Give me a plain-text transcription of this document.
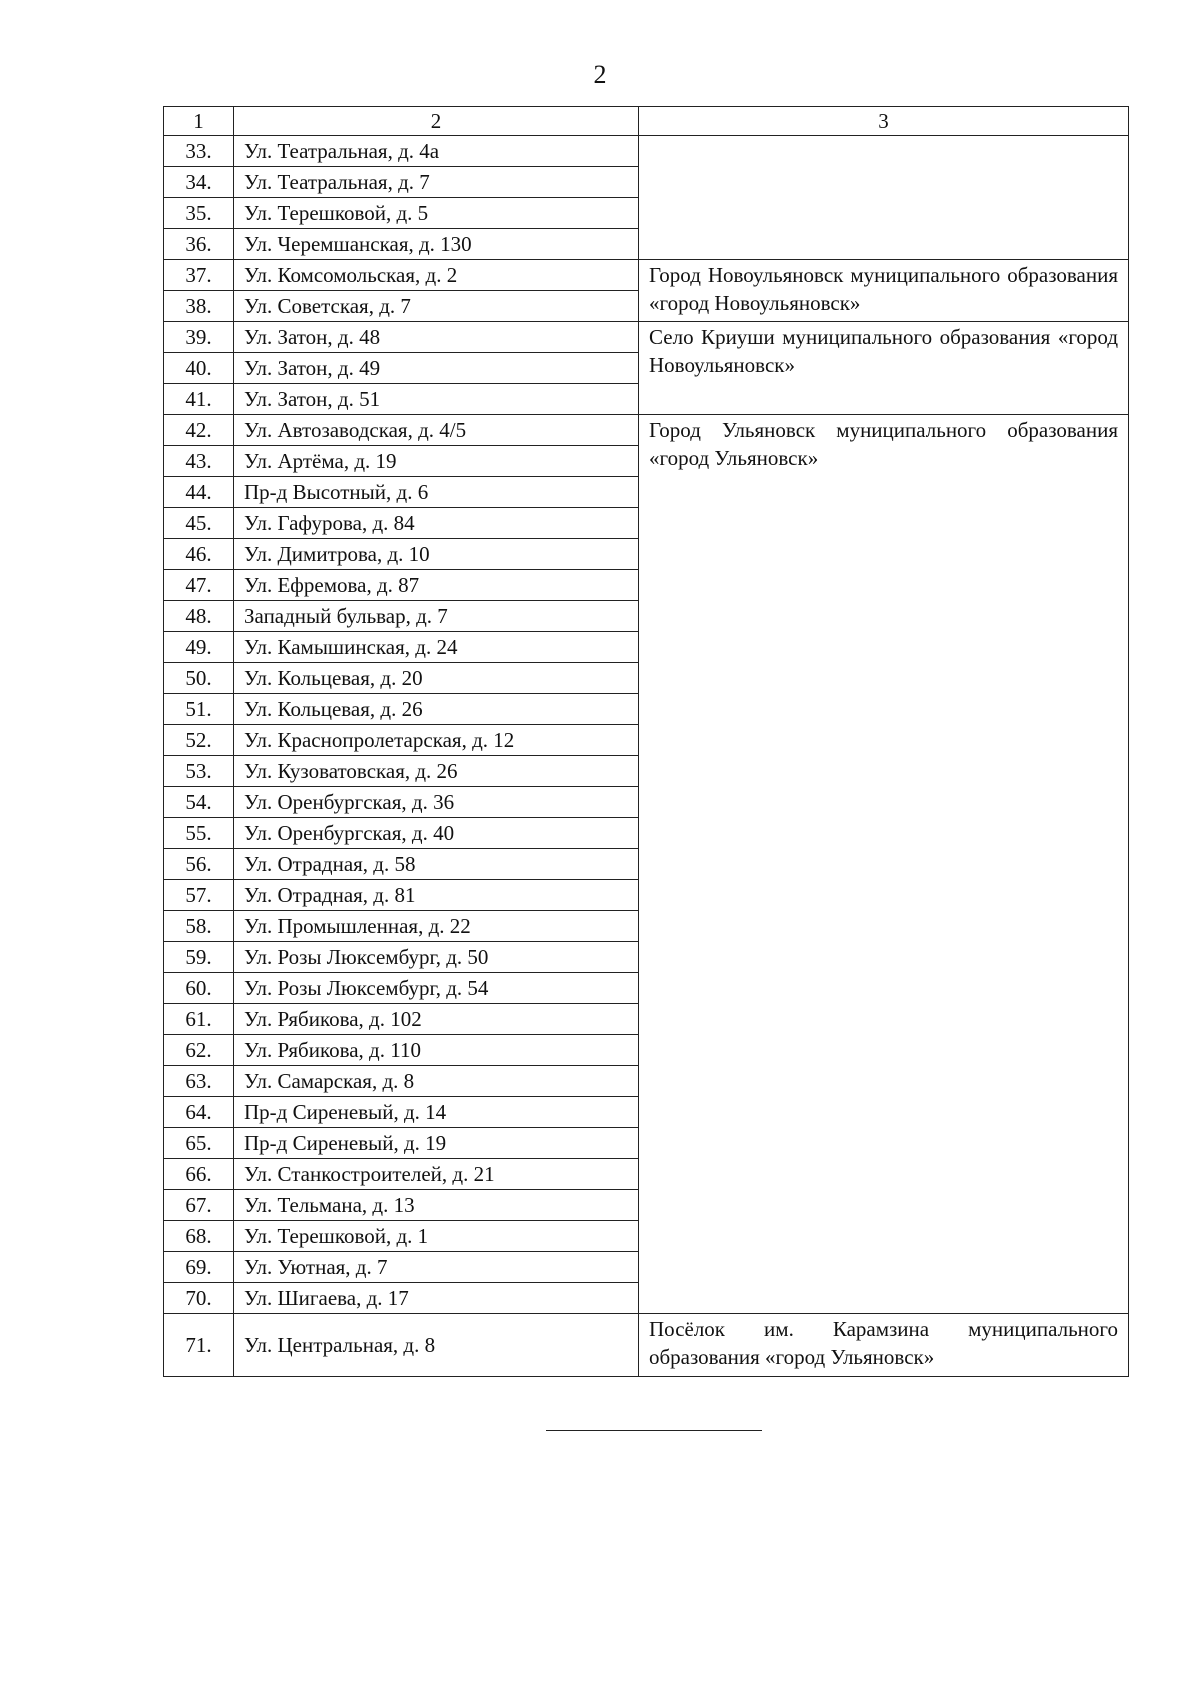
2
1	2	3
33.	Ул. Театральная, д. 4а	
34.	Ул. Театральная, д. 7	
35.	Ул. Терешковой, д. 5	
36.	Ул. Черемшанская, д. 130	
37.	Ул. Комсомольская, д. 2	Город Новоульяновск муниципального образования «город Новоульяновск»
38.	Ул. Советская, д. 7	
39.	Ул. Затон, д. 48	Село Криуши муниципального образования «город Новоульяновск»
40.	Ул. Затон, д. 49	
41.	Ул. Затон, д. 51	
42.	Ул. Автозаводская, д. 4/5	Город Ульяновск муниципального образования «город Ульяновск»
43.	Ул. Артёма, д. 19	
44.	Пр-д Высотный, д. 6	
45.	Ул. Гафурова, д. 84	
46.	Ул. Димитрова, д. 10	
47.	Ул. Ефремова, д. 87	
48.	Западный бульвар, д. 7	
49.	Ул. Камышинская, д. 24	
50.	Ул. Кольцевая, д. 20	
51.	Ул. Кольцевая, д. 26	
52.	Ул. Краснопролетарская, д. 12	
53.	Ул. Кузоватовская, д. 26	
54.	Ул. Оренбургская, д. 36	
55.	Ул. Оренбургская, д. 40	
56.	Ул. Отрадная, д. 58	
57.	Ул. Отрадная, д. 81	
58.	Ул. Промышленная, д. 22	
59.	Ул. Розы Люксембург, д. 50	
60.	Ул. Розы Люксембург, д. 54	
61.	Ул. Рябикова, д. 102	
62.	Ул. Рябикова, д. 110	
63.	Ул. Самарская, д. 8	
64.	Пр-д Сиреневый, д. 14	
65.	Пр-д Сиреневый, д. 19	
66.	Ул. Станкостроителей, д. 21	
67.	Ул. Тельмана, д. 13	
68.	Ул. Терешковой, д. 1	
69.	Ул. Уютная, д. 7	
70.	Ул. Шигаева, д. 17	
71.	Ул. Центральная, д. 8	Посёлок им. Карамзина муниципального образования «город Ульяновск»
